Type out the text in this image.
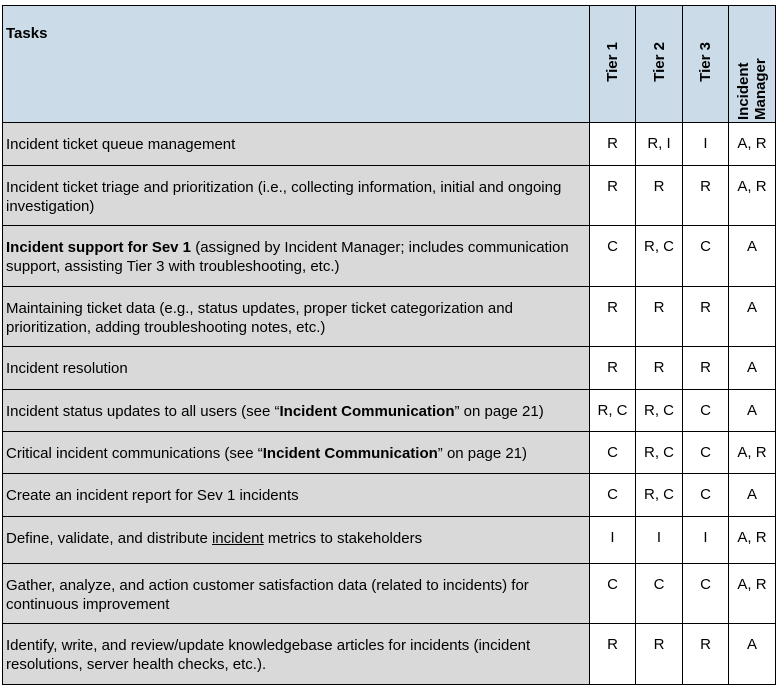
Tasks	Tier 1	Tier 2	Tier 3	Incident Manager
Incident ticket queue management	R	R, I	I	A, R
Incident ticket triage and prioritization (i.e., collecting information, initial and ongoing investigation)	R	R	R	A, R
Incident support for Sev 1 (assigned by Incident Manager; includes communication support, assisting Tier 3 with troubleshooting, etc.)	C	R, C	C	A
Maintaining ticket data (e.g., status updates, proper ticket categorization and prioritization, adding troubleshooting notes, etc.)	R	R	R	A
Incident resolution	R	R	R	A
Incident status updates to all users (see “Incident Communication” on page 21)	R, C	R, C	C	A
Critical incident communications (see “Incident Communication” on page 21)	C	R, C	C	A, R
Create an incident report for Sev 1 incidents	C	R, C	C	A
Define, validate, and distribute incident metrics to stakeholders	I	I	I	A, R
Gather, analyze, and action customer satisfaction data (related to incidents) for continuous improvement	C	C	C	A, R
Identify, write, and review/update knowledgebase articles for incidents (incident resolutions, server health checks, etc.).	R	R	R	A
